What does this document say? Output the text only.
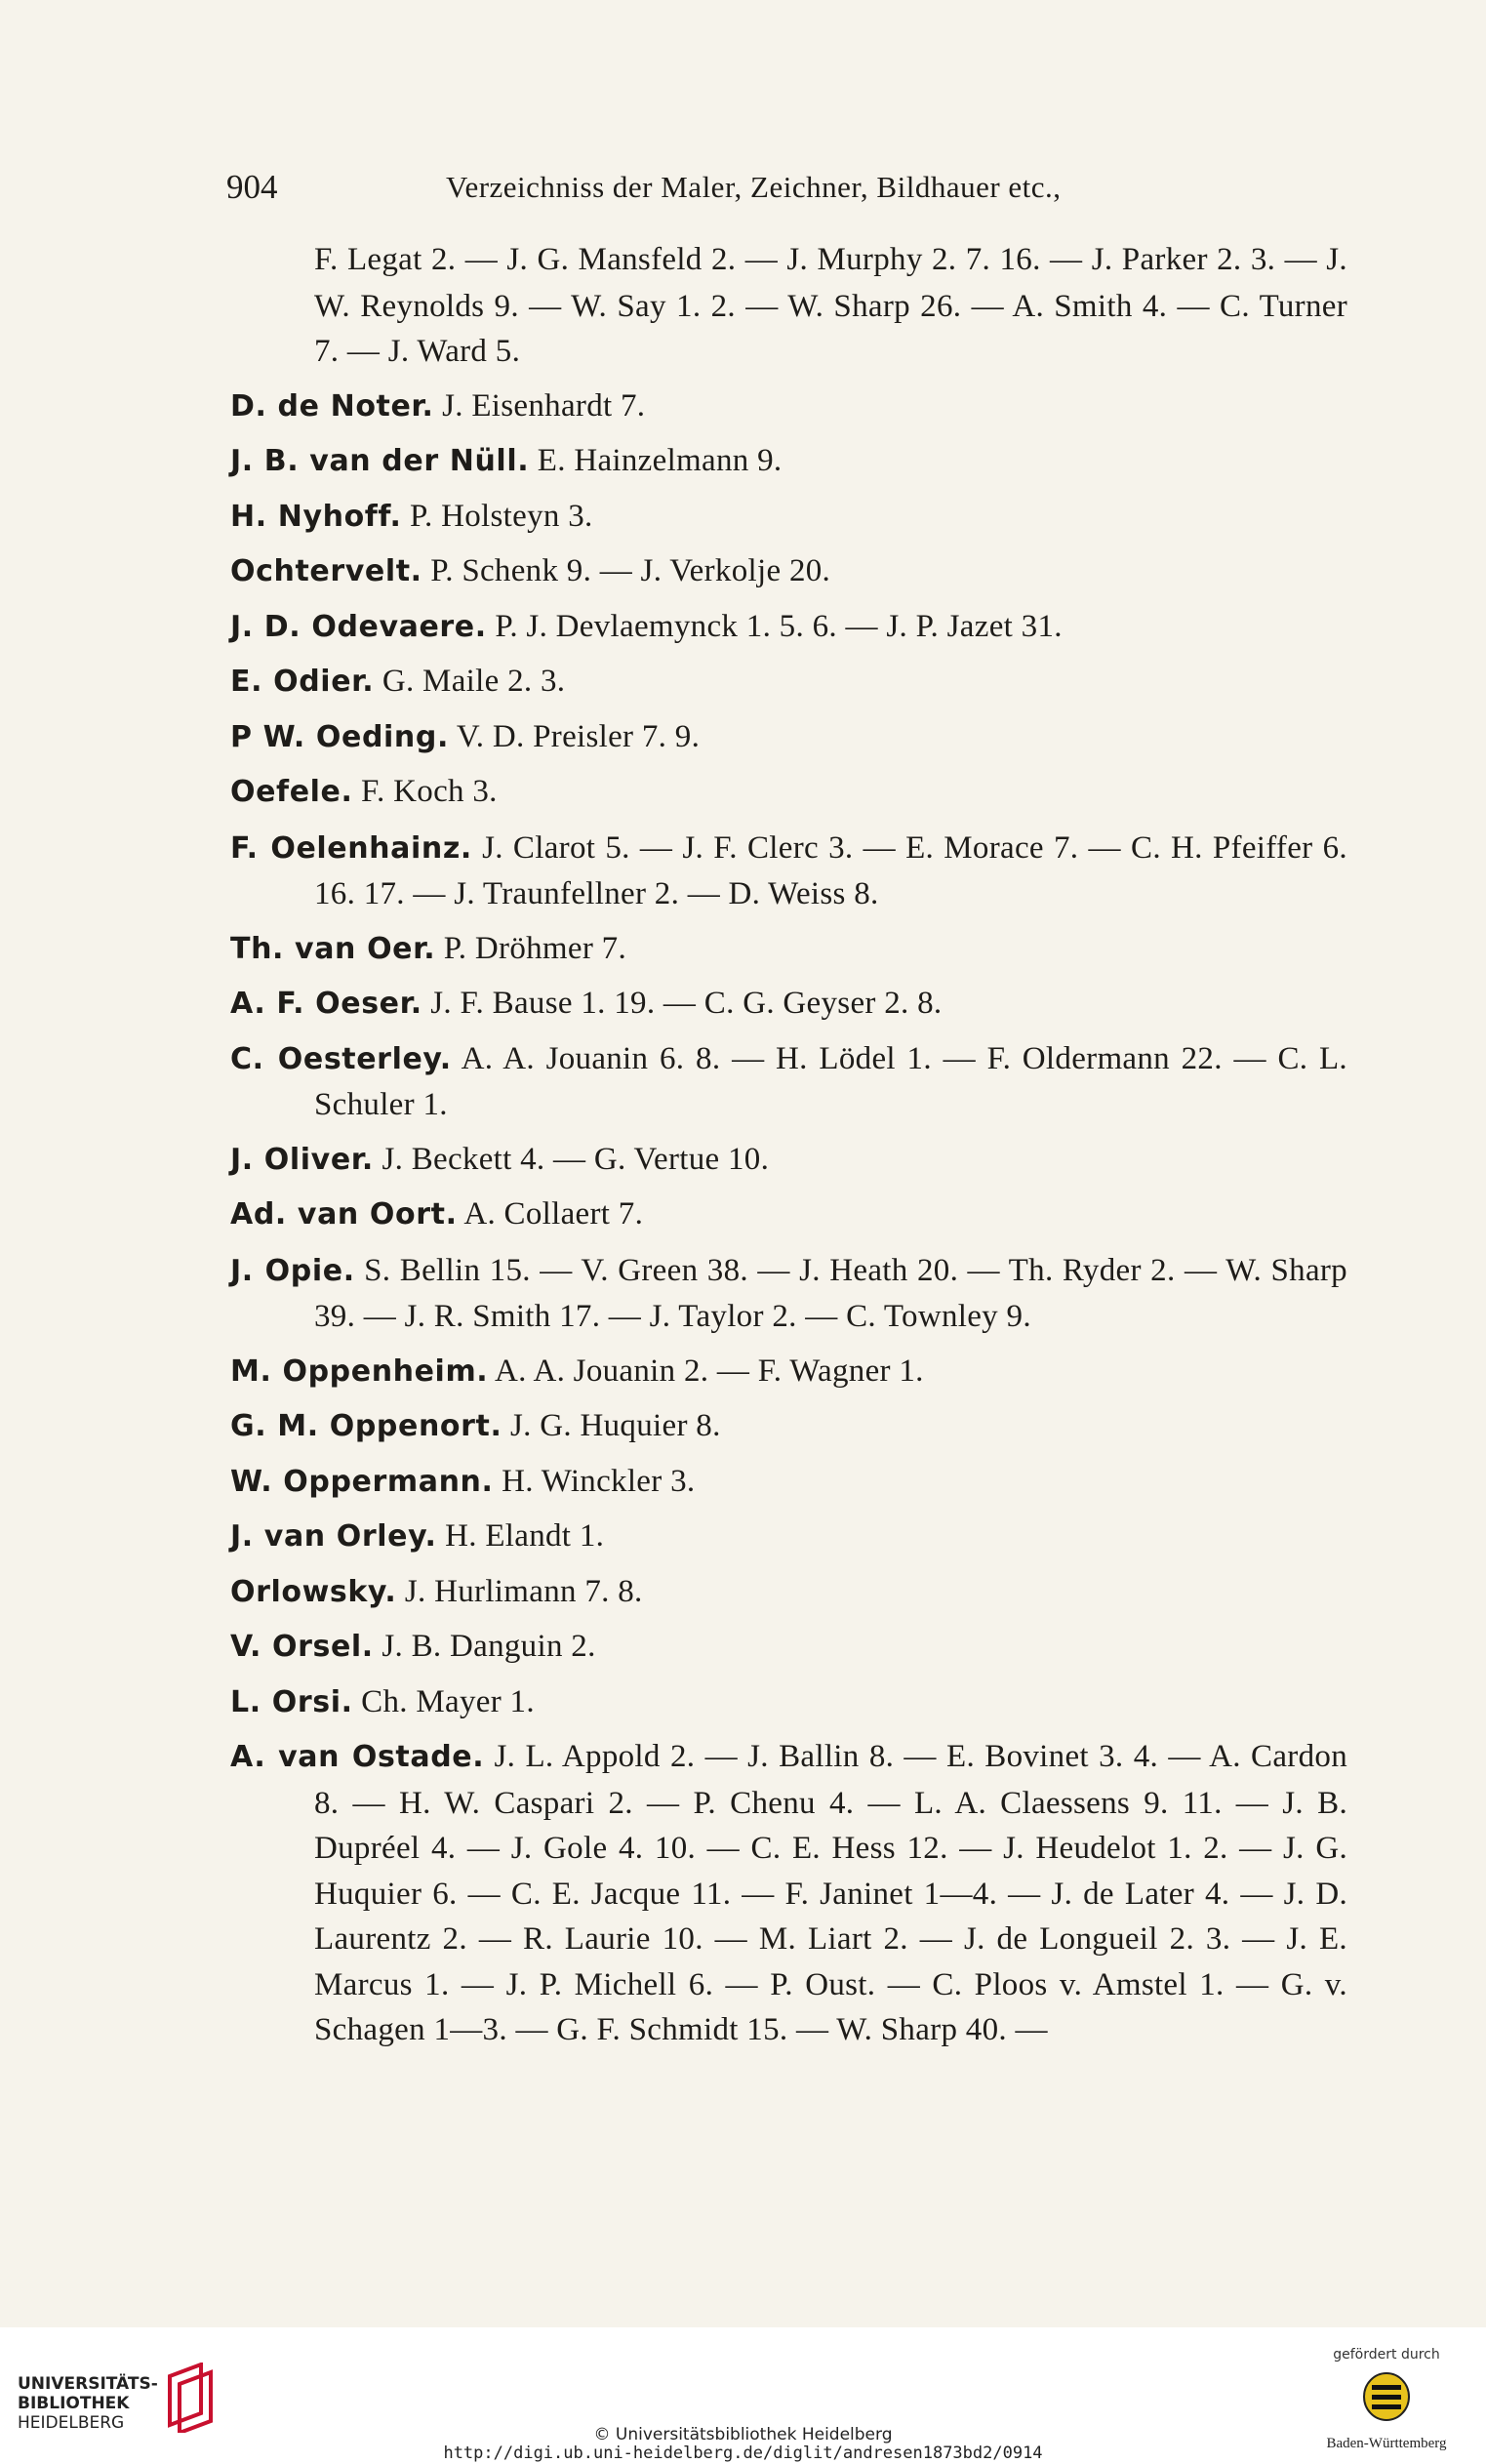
904	Verzeichniss der Maler, Zeichner, Bildhauer etc.,
F. Legat 2. — J. G. Mansfeld 2. — J. Murphy 2. 7. 16. — J. Parker 2. 3. — J. W. Reynolds 9. — W. Say 1. 2. — W. Sharp 26. — A. Smith 4. — C. Turner 7. — J. Ward 5.
D. de Noter. J. Eisenhardt 7.
J. B. van der Nüll. E. Hainzelmann 9.
H. Nyhoff. P. Holsteyn 3.
Ochtervelt. P. Schenk 9. — J. Verkolje 20.
J. D. Odevaere. P. J. Devlaemynck 1. 5. 6. — J. P. Jazet 31.
E. Odier. G. Maile 2. 3.
P W. Oeding. V. D. Preisler 7. 9.
Oefele. F. Koch 3.
F. Oelenhainz. J. Clarot 5. — J. F. Clerc 3. — E. Morace 7. — C. H. Pfeiffer 6. 16. 17. — J. Traunfellner 2. — D. Weiss 8.
Th. van Oer. P. Dröhmer 7.
A. F. Oeser. J. F. Bause 1. 19. — C. G. Geyser 2. 8.
C. Oesterley. A. A. Jouanin 6. 8. — H. Lödel 1. — F. Oldermann 22. — C. L. Schuler 1.
J. Oliver. J. Beckett 4. — G. Vertue 10.
Ad. van Oort. A. Collaert 7.
J. Opie. S. Bellin 15. — V. Green 38. — J. Heath 20. — Th. Ryder 2. — W. Sharp 39. — J. R. Smith 17. — J. Taylor 2. — C. Townley 9.
M. Oppenheim. A. A. Jouanin 2. — F. Wagner 1.
G. M. Oppenort. J. G. Huquier 8.
W. Oppermann. H. Winckler 3.
J. van Orley. H. Elandt 1.
Orlowsky. J. Hurlimann 7. 8.
V. Orsel. J. B. Danguin 2.
L. Orsi. Ch. Mayer 1.
A. van Ostade. J. L. Appold 2. — J. Ballin 8. — E. Bovinet 3. 4. — A. Cardon 8. — H. W. Caspari 2. — P. Chenu 4. — L. A. Claessens 9. 11. — J. B. Dupréel 4. — J. Gole 4. 10. — C. E. Hess 12. — J. Heudelot 1. 2. — J. G. Huquier 6. — C. E. Jacque 11. — F. Janinet 1—4. — J. de Later 4. — J. D. Laurentz 2. — R. Laurie 10. — M. Liart 2. — J. de Longueil 2. 3. — J. E. Marcus 1. — J. P. Michell 6. — P. Oust. — C. Ploos v. Amstel 1. — G. v. Schagen 1—3. — G. F. Schmidt 15. — W. Sharp 40. —
UNIVERSITÄTS-
BIBLIOTHEK
HEIDELBERG
© Universitätsbibliothek Heidelberg
http://digi.ub.uni-heidelberg.de/diglit/andresen1873bd2/0914
gefördert durch
Baden-Württemberg
